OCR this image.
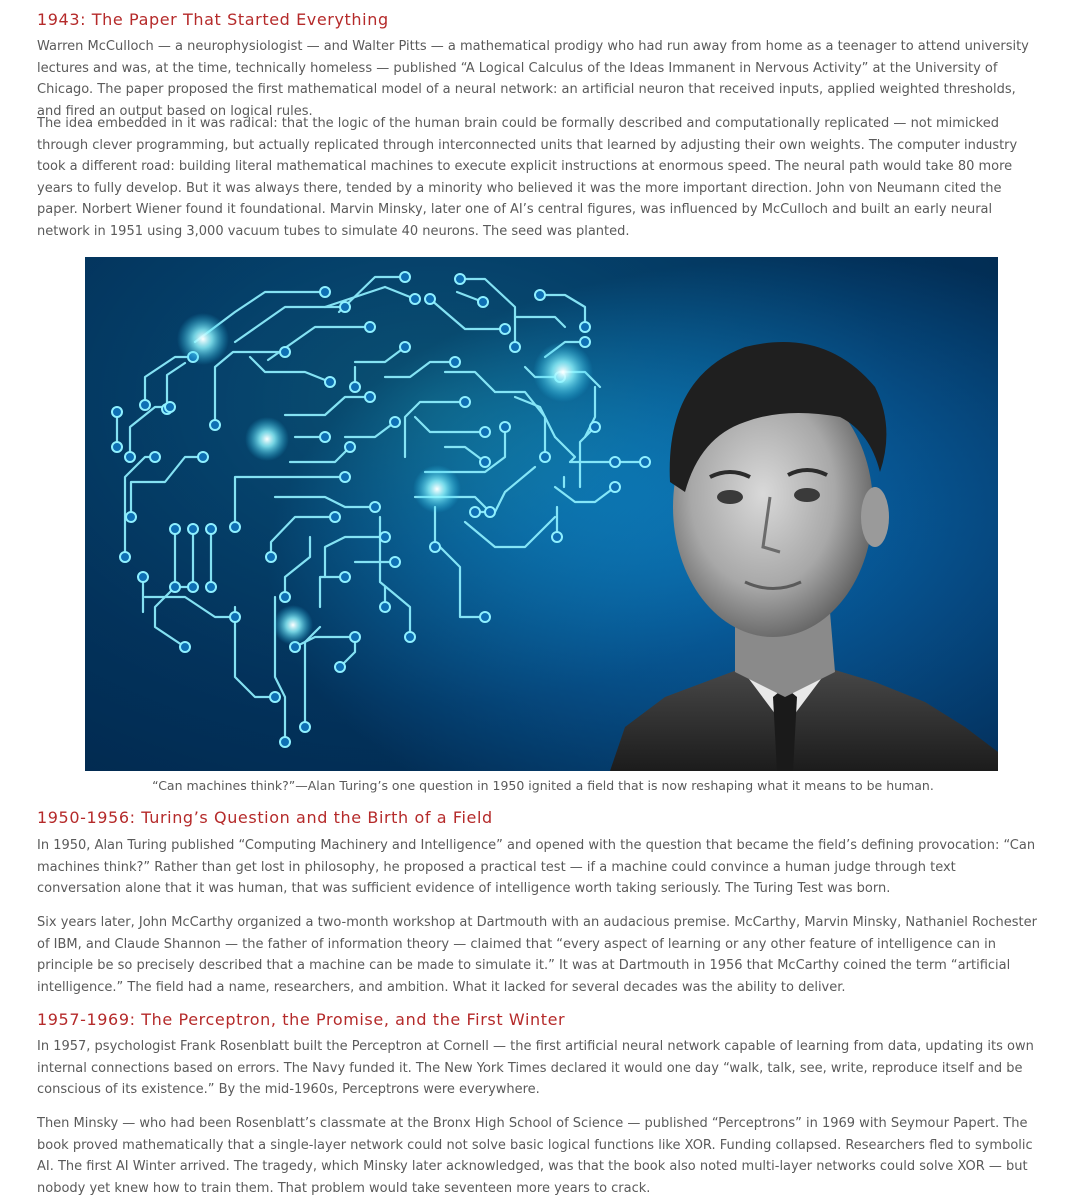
1943: The Paper That Started Everything

Warren McCulloch — a neurophysiologist — and Walter Pitts — a mathematical prodigy who had run away from home as a teenager to attend university lectures and was, at the time, technically homeless — published “A Logical Calculus of the Ideas Immanent in Nervous Activity” at the University of Chicago. The paper proposed the first mathematical model of a neural network: an artificial neuron that received inputs, applied weighted thresholds, and fired an output based on logical rules.

The idea embedded in it was radical: that the logic of the human brain could be formally described and computationally replicated — not mimicked through clever programming, but actually replicated through interconnected units that learned by adjusting their own weights. The computer industry took a different road: building literal mathematical machines to execute explicit instructions at enormous speed. The neural path would take 80 more years to fully develop. But it was always there, tended by a minority who believed it was the more important direction. John von Neumann cited the paper. Norbert Wiener found it foundational. Marvin Minsky, later one of AI’s central figures, was influenced by McCulloch and built an early neural network in 1951 using 3,000 vacuum tubes to simulate 40 neurons. The seed was planted.

“Can machines think?”—Alan Turing’s one question in 1950 ignited a field that is now reshaping what it means to be human.
1950-1956: Turing’s Question and the Birth of a Field

In 1950, Alan Turing published “Computing Machinery and Intelligence” and opened with the question that became the field’s defining provocation: “Can machines think?” Rather than get lost in philosophy, he proposed a practical test — if a machine could convince a human judge through text conversation alone that it was human, that was sufficient evidence of intelligence worth taking seriously. The Turing Test was born.

Six years later, John McCarthy organized a two-month workshop at Dartmouth with an audacious premise. McCarthy, Marvin Minsky, Nathaniel Rochester of IBM, and Claude Shannon — the father of information theory — claimed that “every aspect of learning or any other feature of intelligence can in principle be so precisely described that a machine can be made to simulate it.” It was at Dartmouth in 1956 that McCarthy coined the term “artificial intelligence.” The field had a name, researchers, and ambition. What it lacked for several decades was the ability to deliver.

1957-1969: The Perceptron, the Promise, and the First Winter

In 1957, psychologist Frank Rosenblatt built the Perceptron at Cornell — the first artificial neural network capable of learning from data, updating its own internal connections based on errors. The Navy funded it. The New York Times declared it would one day “walk, talk, see, write, reproduce itself and be conscious of its existence.” By the mid-1960s, Perceptrons were everywhere.

Then Minsky — who had been Rosenblatt’s classmate at the Bronx High School of Science — published “Perceptrons” in 1969 with Seymour Papert. The book proved mathematically that a single-layer network could not solve basic logical functions like XOR. Funding collapsed. Researchers fled to symbolic AI. The first AI Winter arrived. The tragedy, which Minsky later acknowledged, was that the book also noted multi-layer networks could solve XOR — but nobody yet knew how to train them. That problem would take seventeen more years to crack.
